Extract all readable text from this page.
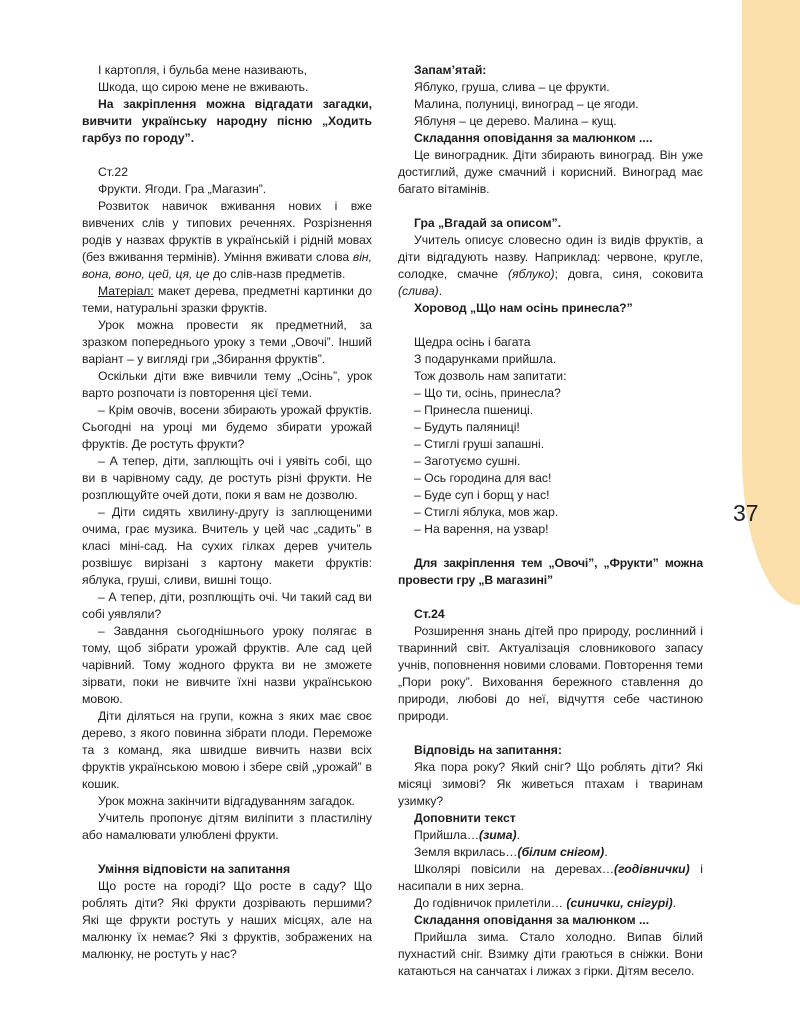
37

І картопля, і бульба мене називають,

Шкода, що сирою мене не вживають.

На закріплення можна відгадати загадки, вивчити українську народну пісню „Ходить гарбуз по городу”.

Ст.22

Фрукти. Ягоди. Гра „Магазин”.

Розвиток навичок вживання нових і вже вивчених слів у типових реченнях. Розрізнення родів у назвах фруктів в українській і рідній мовах (без вживання термінів). Уміння вживати слова він, вона, воно, цей, ця, це до слів-назв предметів.

Матеріал: макет дерева, предметні картинки до теми, натуральні зразки фруктів.

Урок можна провести як предметний, за зразком попереднього уроку з теми „Овочі”. Інший варіант – у вигляді гри „Збирання фруктів”.

Оскільки діти вже вивчили тему „Осінь”, урок варто розпочати із повторення цієї теми.

– Крім овочів, восени збирають урожай фруктів. Сьогодні на уроці ми будемо збирати урожай фруктів. Де ростуть фрукти?

– А тепер, діти, заплющіть очі і уявіть собі, що ви в чарівному саду, де ростуть різні фрукти. Не розплющуйте очей доти, поки я вам не дозволю.

– Діти сидять хвилину-другу із заплющеними очима, грає музика. Вчитель у цей час „садить” в класі міні-сад. На сухих гілках дерев учитель розвішує вирізані з картону макети фруктів: яблука, груші, сливи, вишні тощо.

– А тепер, діти, розплющіть очі. Чи такий сад ви собі уявляли?

– Завдання сьогоднішнього уроку полягає в тому, щоб зібрати урожай фруктів. Але сад цей чарівний. Тому жодного фрукта ви не зможете зірвати, поки не вивчите їхні назви українською мовою.

Діти діляться на групи, кожна з яких має своє дерево, з якого повинна зібрати плоди. Переможе та з команд, яка швидше вивчить назви всіх фруктів українською мовою і збере свій „урожай” в кошик.

Урок можна закінчити відгадуванням загадок.

Учитель пропонує дітям виліпити з пластиліну або намалювати улюблені фрукти.

Уміння відповісти на запитання

Що росте на городі? Що росте в саду? Що роблять діти? Які фрукти дозрівають першими? Які ще фрукти ростуть у наших місцях, але на малюнку їх немає? Які з фруктів, зображених на малюнку, не ростуть у нас?

Запам’ятай:

Яблуко, груша, слива – це фрукти.

Малина, полуниці, виноград – це ягоди.

Яблуня – це дерево. Малина – кущ.

Складання оповідання за малюнком ....

Це виноградник. Діти збирають виноград. Він уже достиглий, дуже смачний і корисний. Виноград має багато вітамінів.

Гра „Вгадай за описом”.

Учитель описує словесно один із видів фруктів, а діти відгадують назву. Наприклад: червоне, кругле, солодке, смачне (яблуко); довга, синя, соковита (слива).

Хоровод „Що нам осінь принесла?”

Щедра осінь і багата

З подарунками прийшла.

Тож дозволь нам запитати:

– Що ти, осінь, принесла?

– Принесла пшениці.

– Будуть паляниці!

– Стиглі груші запашні.

– Заготуємо сушні.

– Ось городина для вас!

– Буде суп і борщ у нас!

– Стиглі яблука, мов жар.

– На варення, на узвар!

Для закріплення тем „Овочі”, „Фрукти” можна провести гру „В магазині”

Ст.24

Розширення знань дітей про природу, рослинний і тваринний світ. Актуалізація словникового запасу учнів, поповнення новими словами. Повторення теми „Пори року”. Виховання бережного ставлення до природи, любові до неї, відчуття себе частиною природи.

Відповідь на запитання:

Яка пора року? Який сніг? Що роблять діти? Які місяці зимові? Як живеться птахам і тваринам узимку?

Доповнити текст

Прийшла…(зима).

Земля вкрилась…(білим снігом).

Школярі повісили на деревах…(годівнички) і насипали в них зерна.

До годівничок прилетіли… (синички, снігурі).

Складання оповідання за малюнком ...

Прийшла зима. Стало холодно. Випав білий пухнастий сніг. Взимку діти граються в сніжки. Вони катаються на санчатах і лижах з гірки. Дітям весело.
